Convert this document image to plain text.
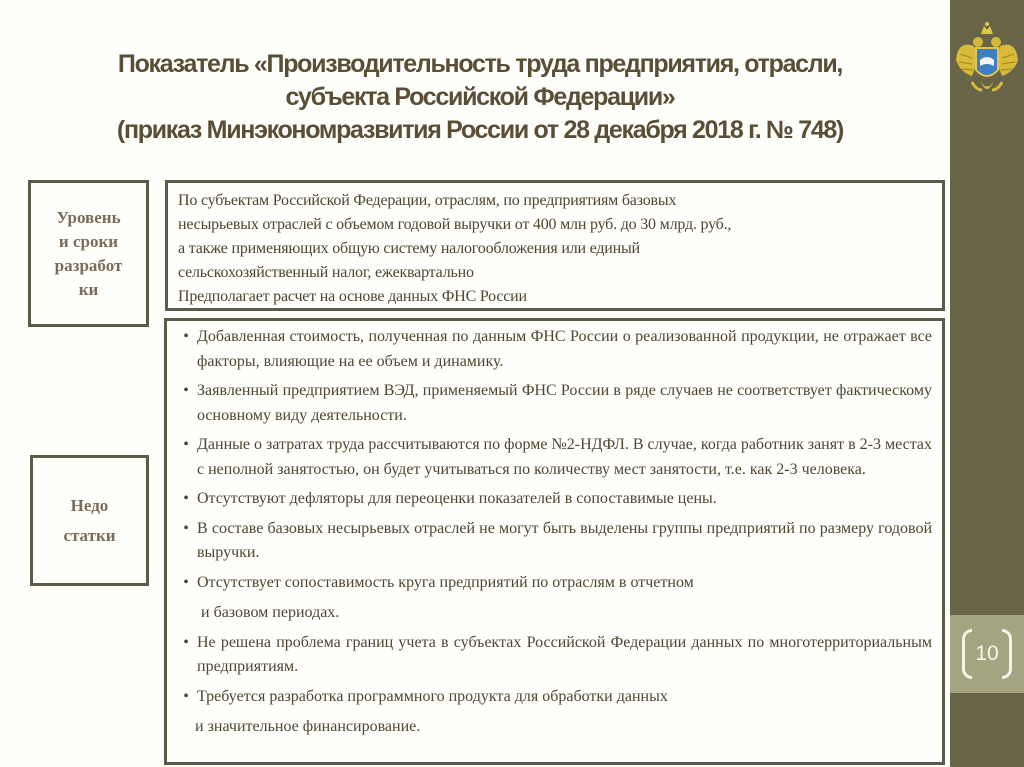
Показатель «Производительность труда предприятия, отрасли,
субъекта Российской Федерации»
(приказ Минэкономразвития России от 28 декабря 2018 г. № 748)
10
Уровень
и сроки
разработ
ки
По субъектам Российской Федерации, отраслям, по предприятиям базовых
несырьевых отраслей с объемом годовой выручки от 400 млн руб. до 30 млрд. руб.,
а также применяющих общую систему налогообложения или единый
сельскохозяйственный налог, ежеквартально
Предполагает расчет на основе данных ФНС России
Недо
статки
• Добавленная стоимость, полученная по данным ФНС России о реализованной продукции, не отражает все факторы, влияющие на ее объем и динамику.
• Заявленный предприятием ВЭД, применяемый ФНС России в ряде случаев не соответствует фактическому основному виду деятельности.
• Данные о затратах труда рассчитываются по форме №2-НДФЛ. В случае, когда работник занят в 2-3 местах с неполной занятостью, он будет учитываться по количеству мест занятости, т.е. как 2-3 человека.
• Отсутствуют дефляторы для переоценки показателей в сопоставимые цены.
• В составе базовых несырьевых отраслей не могут быть выделены группы предприятий по размеру годовой выручки.
• Отсутствует сопоставимость круга предприятий по отраслям в отчетном
и базовом периодах.
• Не решена проблема границ учета в субъектах Российской Федерации данных по многотерриториальным предприятиям.
• Требуется разработка программного продукта для обработки данных
и значительное финансирование.
